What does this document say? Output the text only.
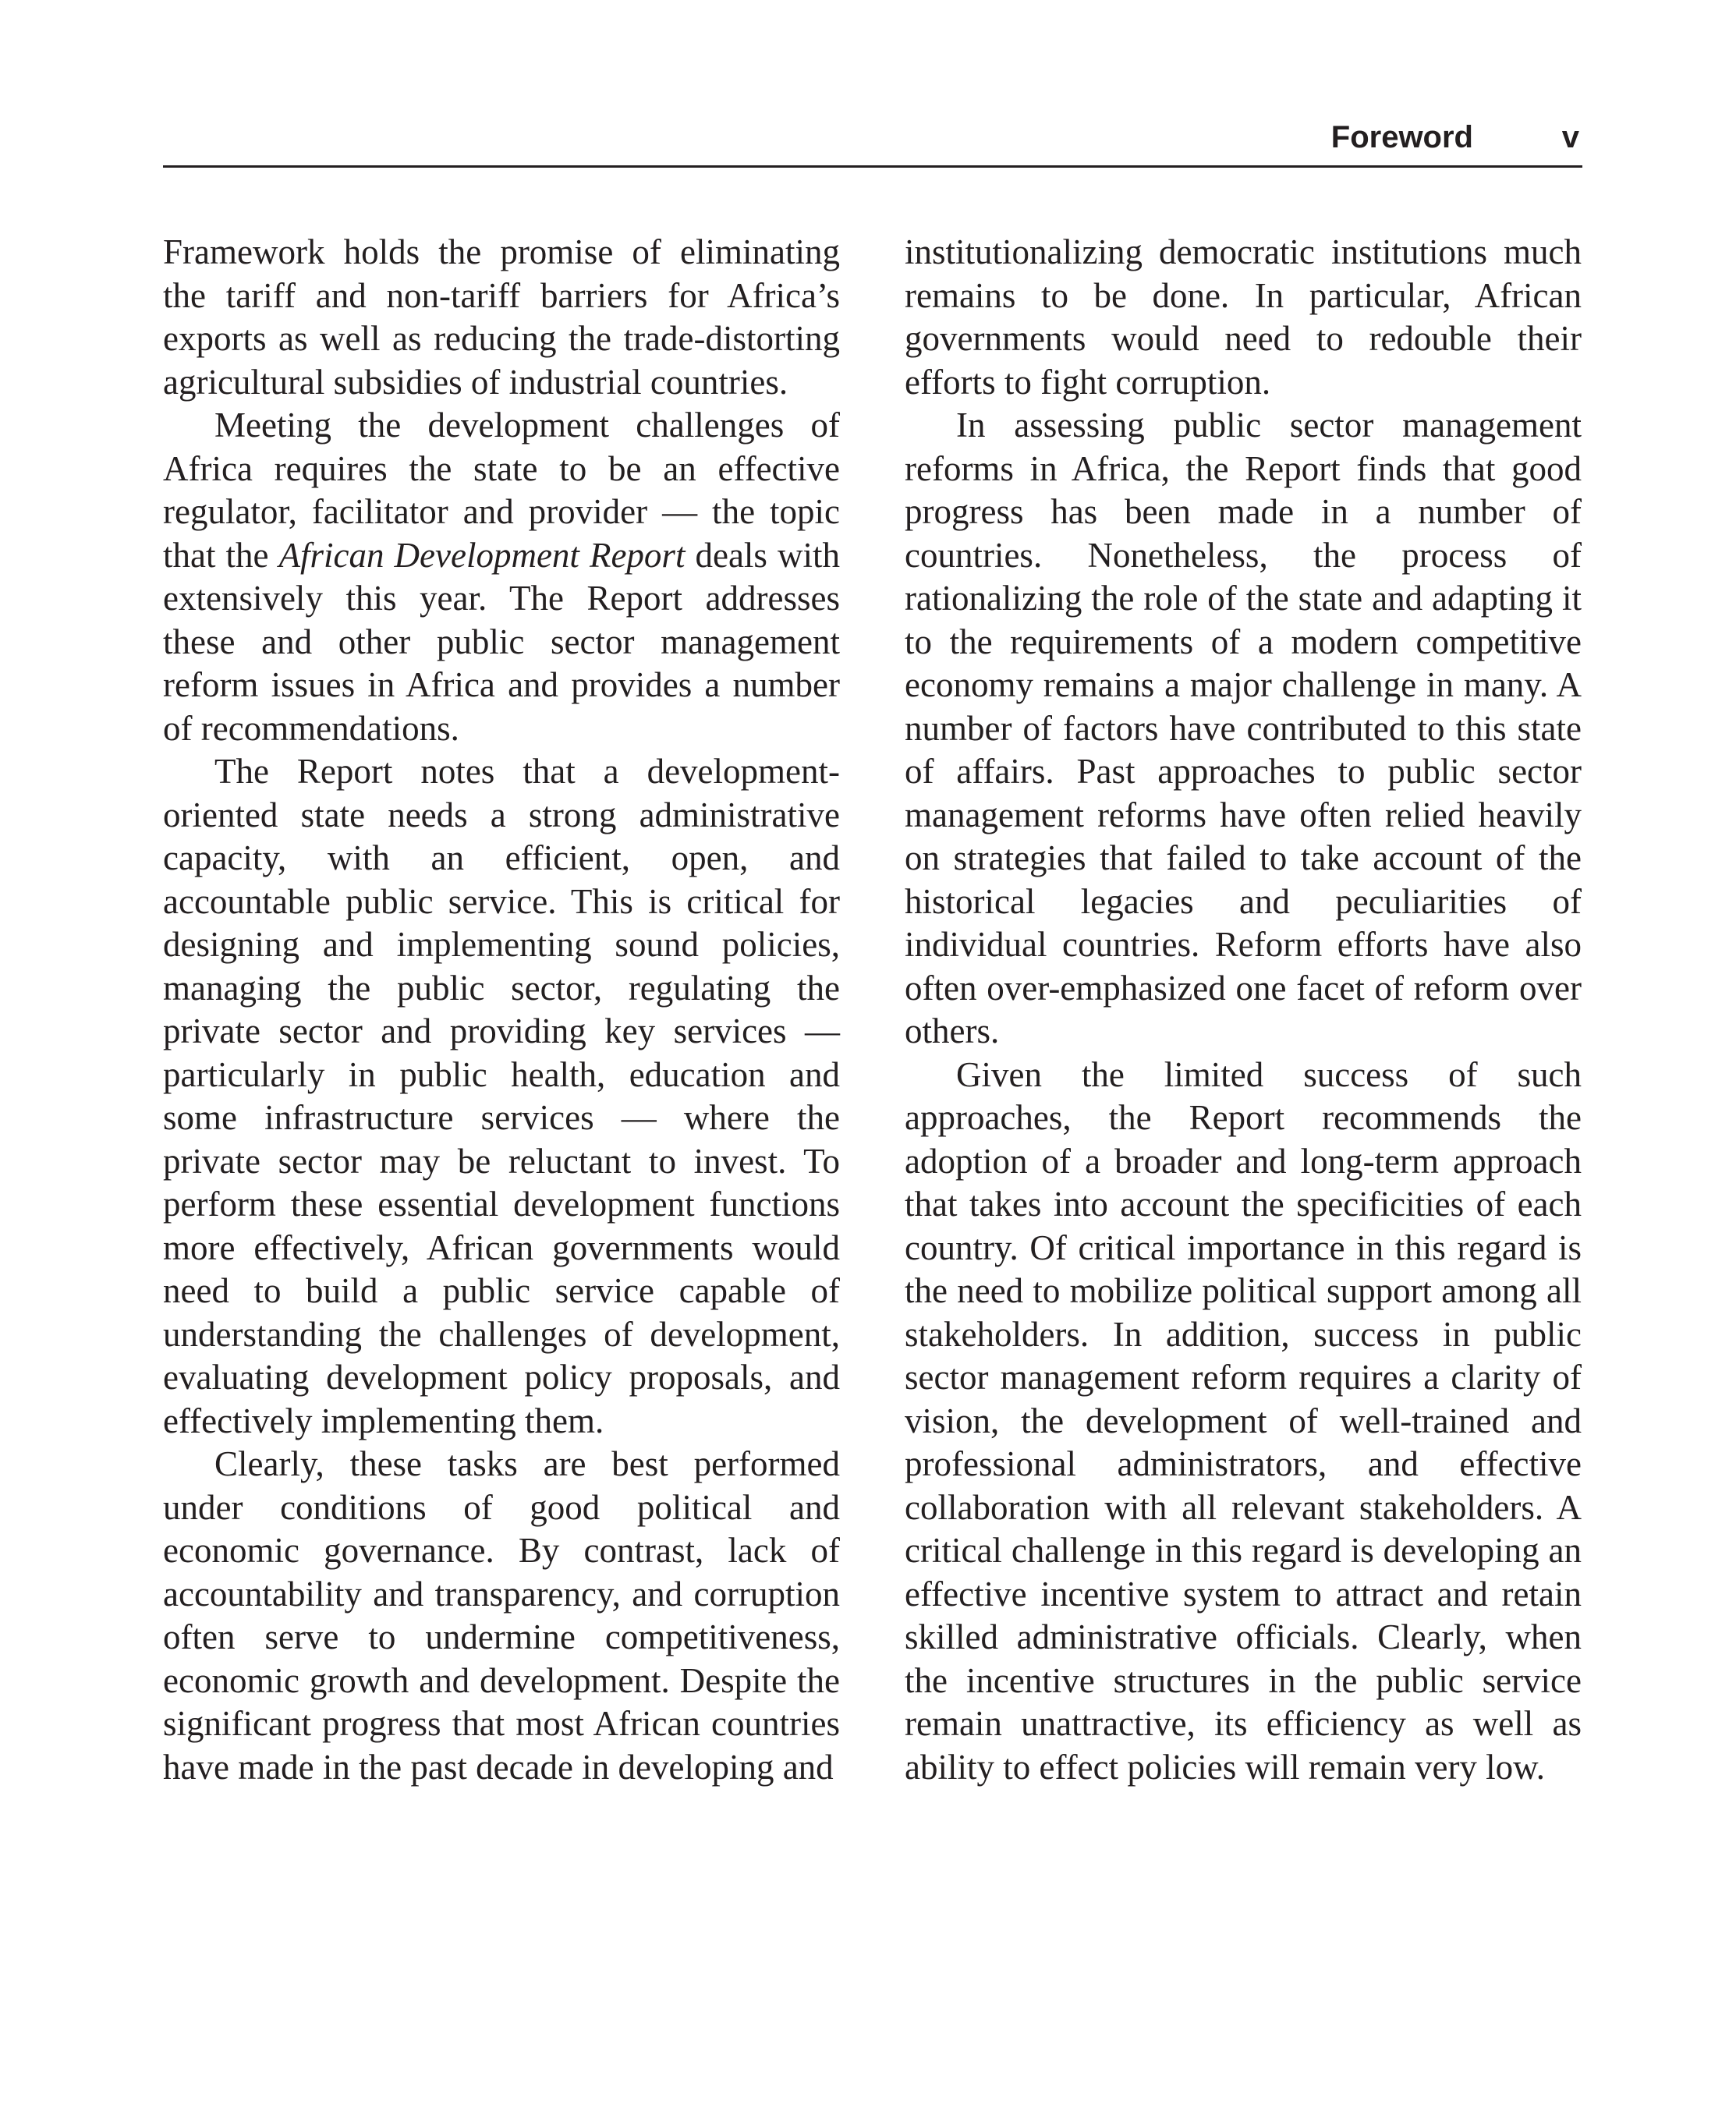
Foreword	v

Framework holds the promise of eliminating the tariff and non-tariff barriers for Africa’s exports as well as reducing the trade-distorting agricultural subsidies of industrial countries.

Meeting the development challenges of Africa requires the state to be an effective regulator, facilitator and provider — the topic that the African Development Report deals with extensively this year. The Report addresses these and other public sector management reform issues in Africa and provides a number of recommendations.

The Report notes that a development-oriented state needs a strong administrative capacity, with an efficient, open, and accountable public service. This is critical for designing and implementing sound policies, managing the public sector, regulating the private sector and providing key services — particularly in public health, education and some infrastructure services — where the private sector may be reluctant to invest. To perform these essential development functions more effectively, African governments would need to build a public service capable of understanding the challenges of development, evaluating development policy proposals, and effectively implementing them.

Clearly, these tasks are best performed under conditions of good political and economic governance. By contrast, lack of accountability and transparency, and corruption often serve to undermine competitiveness, economic growth and development. Despite the significant progress that most African countries have made in the past decade in developing and

institutionalizing democratic institutions much remains to be done. In particular, African governments would need to redouble their efforts to fight corruption.

In assessing public sector management reforms in Africa, the Report finds that good progress has been made in a number of countries. Nonetheless, the process of rationalizing the role of the state and adapting it to the requirements of a modern competitive economy remains a major challenge in many. A number of factors have contributed to this state of affairs. Past approaches to public sector management reforms have often relied heavily on strategies that failed to take account of the historical legacies and peculiarities of individual countries. Reform efforts have also often over-emphasized one facet of reform over others.

Given the limited success of such approaches, the Report recommends the adoption of a broader and long-term approach that takes into account the specificities of each country. Of critical importance in this regard is the need to mobilize political support among all stakeholders. In addition, success in public sector management reform requires a clarity of vision, the development of well-trained and professional administrators, and effective collaboration with all relevant stakeholders. A critical challenge in this regard is developing an effective incentive system to attract and retain skilled administrative officials. Clearly, when the incentive structures in the public service remain unattractive, its efficiency as well as ability to effect policies will remain very low.
